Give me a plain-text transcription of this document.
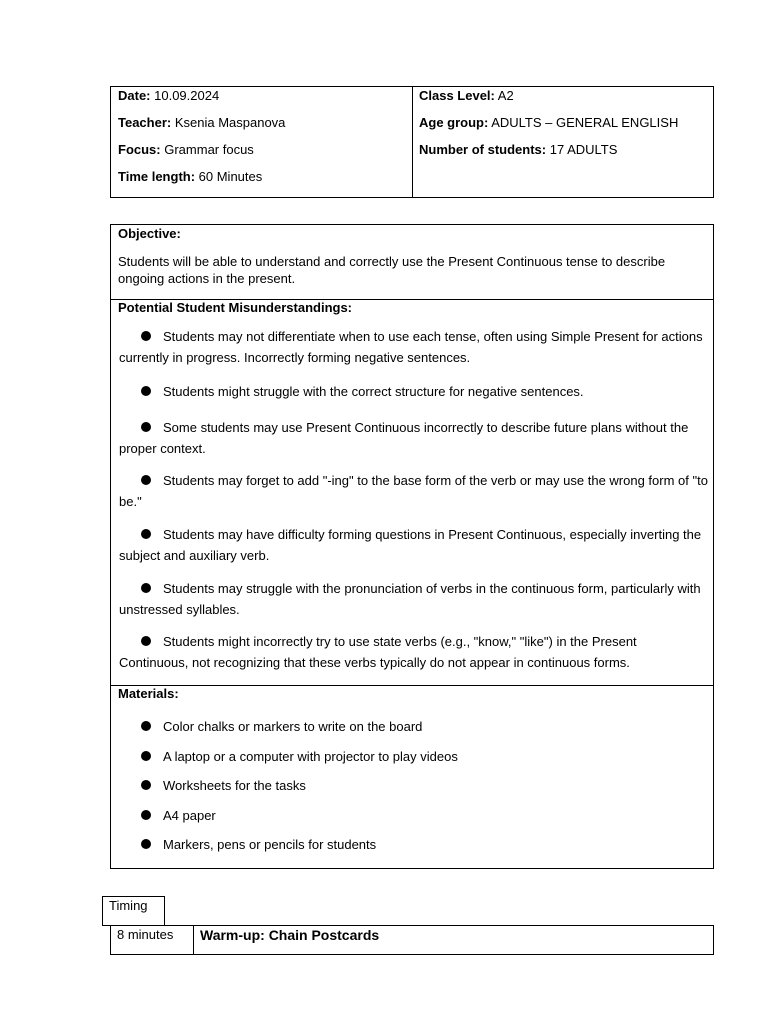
Date: 10.09.2024
Teacher: Ksenia Maspanova
Focus: Grammar focus
Time length: 60 Minutes
Class Level: A2
Age group: ADULTS – GENERAL ENGLISH
Number of students: 17 ADULTS
Objective:
Students will be able to understand and correctly use the Present Continuous tense to describe ongoing actions in the present.
Potential Student Misunderstandings:
Students may not differentiate when to use each tense, often using Simple Present for actions currently in progress. Incorrectly forming negative sentences.
Students might struggle with the correct structure for negative sentences.
Some students may use Present Continuous incorrectly to describe future plans without the proper context.
Students may forget to add "-ing" to the base form of the verb or may use the wrong form of "to be."
Students may have difficulty forming questions in Present Continuous, especially inverting the subject and auxiliary verb.
Students may struggle with the pronunciation of verbs in the continuous form, particularly with unstressed syllables.
Students might incorrectly try to use state verbs (e.g., "know," "like") in the Present Continuous, not recognizing that these verbs typically do not appear in continuous forms.
Materials:
Color chalks or markers to write on the board
A laptop or a computer with projector to play videos
Worksheets for the tasks
A4 paper
Markers, pens or pencils for students
Timing
8 minutes Warm-up: Chain Postcards
